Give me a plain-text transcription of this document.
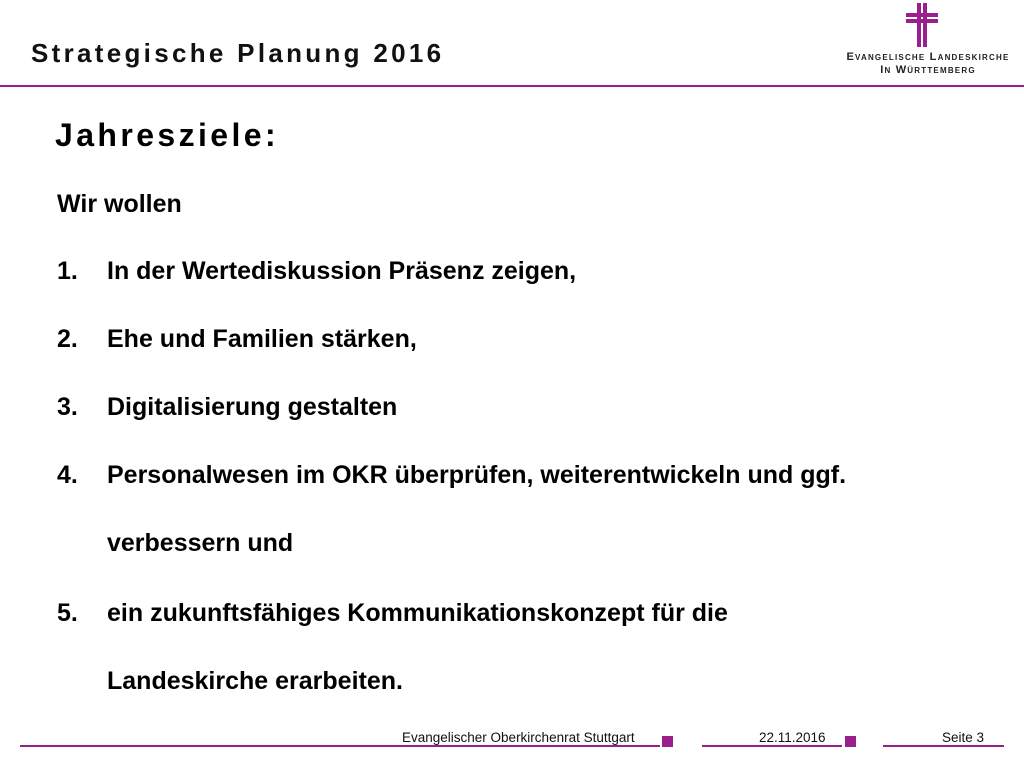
Strategische Planung 2016	Evangelische Landeskirche
In Württemberg
Jahresziele:
Wir wollen
1. In der Wertediskussion Präsenz zeigen,
2. Ehe und Familien stärken,
3. Digitalisierung gestalten
4. Personalwesen im OKR überprüfen, weiterentwickeln und ggf.
verbessern und
5. ein zukunftsfähiges Kommunikationskonzept für die
Landeskirche erarbeiten.
Evangelischer Oberkirchenrat Stuttgart	22.11.2016	Seite 3
